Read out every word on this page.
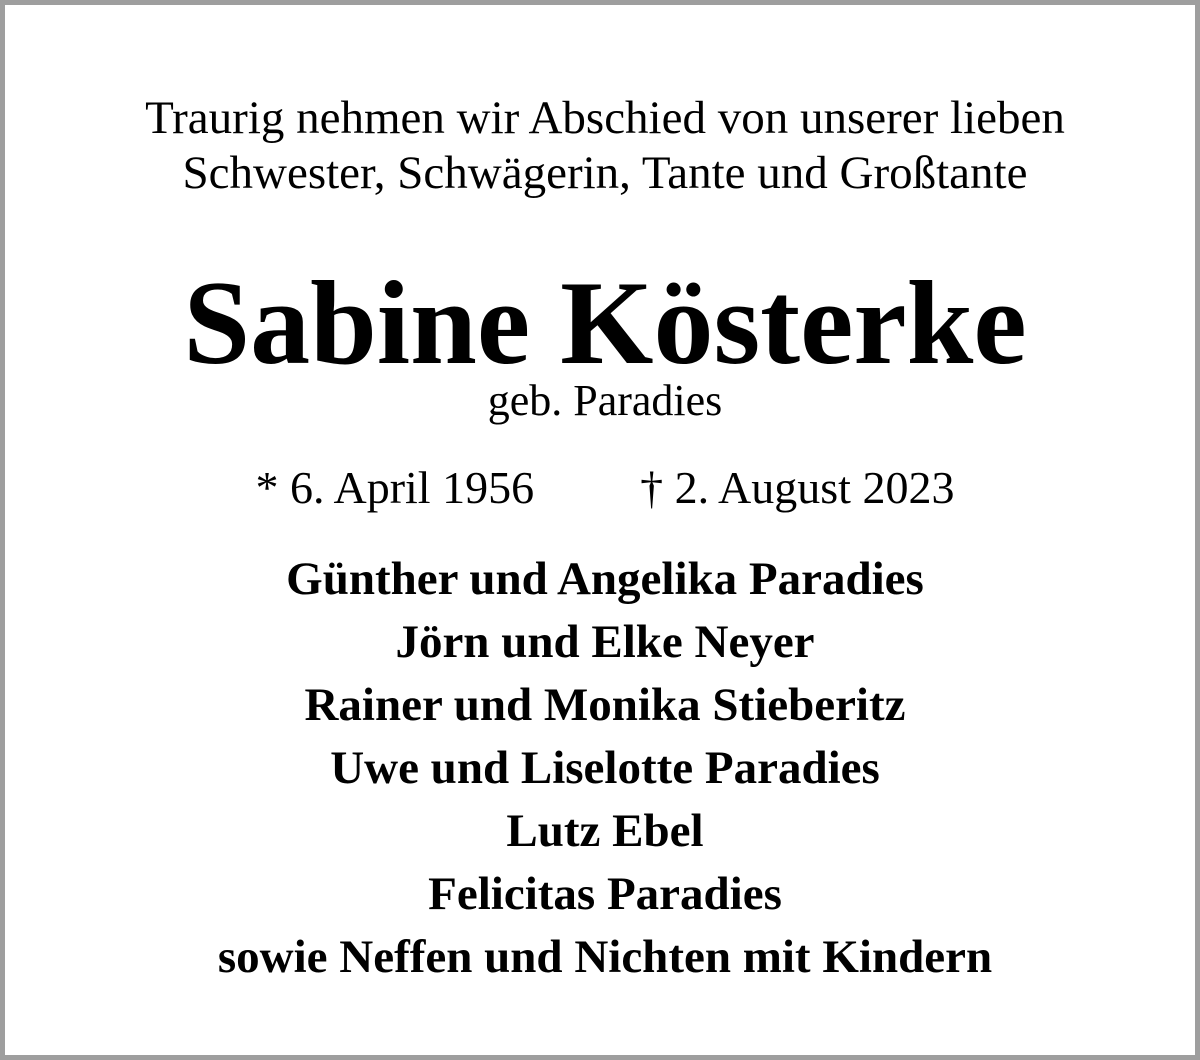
Traurig nehmen wir Abschied von unserer lieben
Schwester, Schwägerin, Tante und Großtante
Sabine Kösterke
geb. Paradies
* 6. April 1956 † 2. August 2023
Günther und Angelika Paradies
Jörn und Elke Neyer
Rainer und Monika Stieberitz
Uwe und Liselotte Paradies
Lutz Ebel
Felicitas Paradies
sowie Neffen und Nichten mit Kindern
